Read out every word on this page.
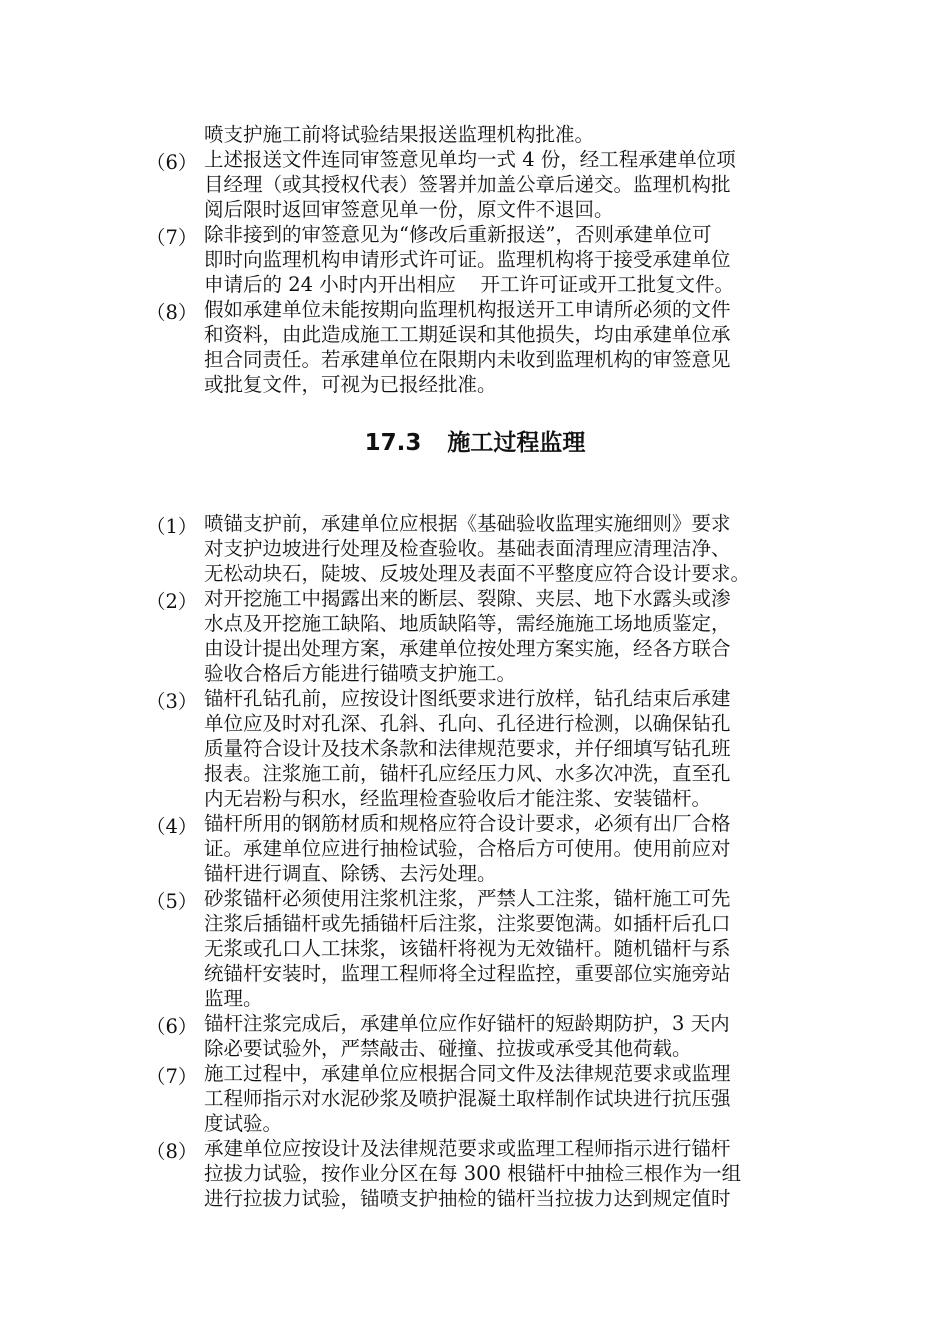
喷支护施工前将试验结果报送监理机构批准。
（6） 上述报送文件连同审签意见单均一式 4 份，经工程承建单位项
目经理（或其授权代表）签署并加盖公章后递交。监理机构批
阅后限时返回审签意见单一份，原文件不退回。
（7） 除非接到的审签意见为“修改后重新报送”，否则承建单位可
即时向监理机构申请形式许可证。监理机构将于接受承建单位
申请后的 24 小时内开出相应    开工许可证或开工批复文件。
（8） 假如承建单位未能按期向监理机构报送开工申请所必须的文件
和资料，由此造成施工工期延误和其他损失，均由承建单位承
担合同责任。若承建单位在限期内未收到监理机构的审签意见
或批复文件，可视为已报经批准。
17.3 施工过程监理
（1） 喷锚支护前，承建单位应根据《基础验收监理实施细则》要求
对支护边坡进行处理及检查验收。基础表面清理应清理洁净、
无松动块石，陡坡、反坡处理及表面不平整度应符合设计要求。
（2） 对开挖施工中揭露出来的断层、裂隙、夹层、地下水露头或渗
水点及开挖施工缺陷、地质缺陷等，需经施施工场地质鉴定，
由设计提出处理方案，承建单位按处理方案实施，经各方联合
验收合格后方能进行锚喷支护施工。
（3） 锚杆孔钻孔前，应按设计图纸要求进行放样，钻孔结束后承建
单位应及时对孔深、孔斜、孔向、孔径进行检测，以确保钻孔
质量符合设计及技术条款和法律规范要求，并仔细填写钻孔班
报表。注浆施工前，锚杆孔应经压力风、水多次冲洗，直至孔
内无岩粉与积水，经监理检查验收后才能注浆、安装锚杆。
（4） 锚杆所用的钢筋材质和规格应符合设计要求，必须有出厂合格
证。承建单位应进行抽检试验，合格后方可使用。使用前应对
锚杆进行调直、除锈、去污处理。
（5） 砂浆锚杆必须使用注浆机注浆，严禁人工注浆，锚杆施工可先
注浆后插锚杆或先插锚杆后注浆，注浆要饱满。如插杆后孔口
无浆或孔口人工抹浆，该锚杆将视为无效锚杆。随机锚杆与系
统锚杆安装时，监理工程师将全过程监控，重要部位实施旁站
监理。
（6） 锚杆注浆完成后，承建单位应作好锚杆的短龄期防护，3 天内
除必要试验外，严禁敲击、碰撞、拉拔或承受其他荷载。
（7） 施工过程中，承建单位应根据合同文件及法律规范要求或监理
工程师指示对水泥砂浆及喷护混凝土取样制作试块进行抗压强
度试验。
（8） 承建单位应按设计及法律规范要求或监理工程师指示进行锚杆
拉拔力试验，按作业分区在每 300 根锚杆中抽检三根作为一组
进行拉拔力试验，锚喷支护抽检的锚杆当拉拔力达到规定值时
